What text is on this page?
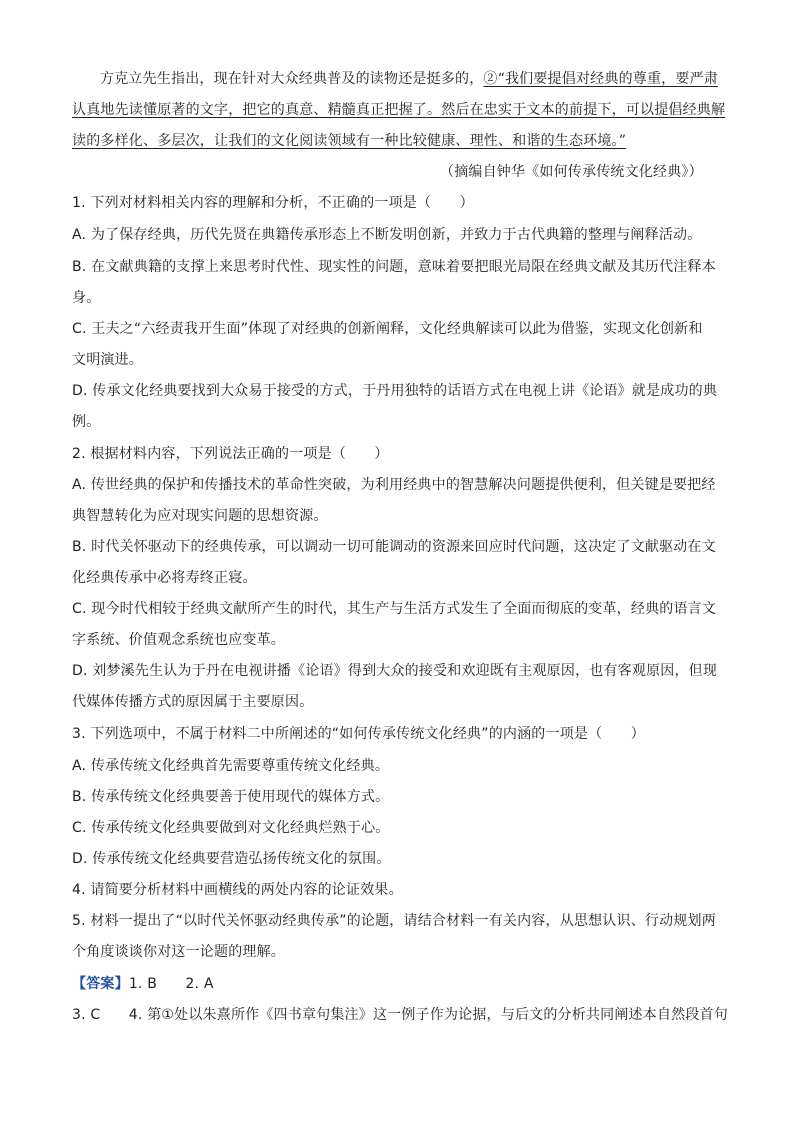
方克立先生指出，现在针对大众经典普及的读物还是挺多的，②“我们要提倡对经典的尊重，要严肃
认真地先读懂原著的文字，把它的真意、精髓真正把握了。然后在忠实于文本的前提下，可以提倡经典解
读的多样化、多层次，让我们的文化阅读领域有一种比较健康、理性、和谐的生态环境。”
（摘编自钟华《如何传承传统文化经典》）
1. 下列对材料相关内容的理解和分析，不正确的一项是（　　）
A. 为了保存经典，历代先贤在典籍传承形态上不断发明创新，并致力于古代典籍的整理与阐释活动。
B. 在文献典籍的支撑上来思考时代性、现实性的问题，意味着要把眼光局限在经典文献及其历代注释本
身。
C. 王夫之“六经责我开生面”体现了对经典的创新阐释，文化经典解读可以此为借鉴，实现文化创新和
文明演进。
D. 传承文化经典要找到大众易于接受的方式，于丹用独特的话语方式在电视上讲《论语》就是成功的典
例。
2. 根据材料内容，下列说法正确的一项是（　　）
A. 传世经典的保护和传播技术的革命性突破，为利用经典中的智慧解决问题提供便利，但关键是要把经
典智慧转化为应对现实问题的思想资源。
B. 时代关怀驱动下的经典传承，可以调动一切可能调动的资源来回应时代问题，这决定了文献驱动在文
化经典传承中必将寿终正寝。
C. 现今时代相较于经典文献所产生的时代，其生产与生活方式发生了全面而彻底的变革，经典的语言文
字系统、价值观念系统也应变革。
D. 刘梦溪先生认为于丹在电视讲播《论语》得到大众的接受和欢迎既有主观原因，也有客观原因，但现
代媒体传播方式的原因属于主要原因。
3. 下列选项中，不属于材料二中所阐述的“如何传承传统文化经典”的内涵的一项是（　　）
A. 传承传统文化经典首先需要尊重传统文化经典。
B. 传承传统文化经典要善于使用现代的媒体方式。
C. 传承传统文化经典要做到对文化经典烂熟于心。
D. 传承传统文化经典要营造弘扬传统文化的氛围。
4. 请简要分析材料中画横线的两处内容的论证效果。
5. 材料一提出了“以时代关怀驱动经典传承”的论题，请结合材料一有关内容，从思想认识、行动规划两
个角度谈谈你对这一论题的理解。
【答案】1. B　　2. A
3. C　　4. 第①处以朱熹所作《四书章句集注》这一例子作为论据，与后文的分析共同阐述本自然段首句
